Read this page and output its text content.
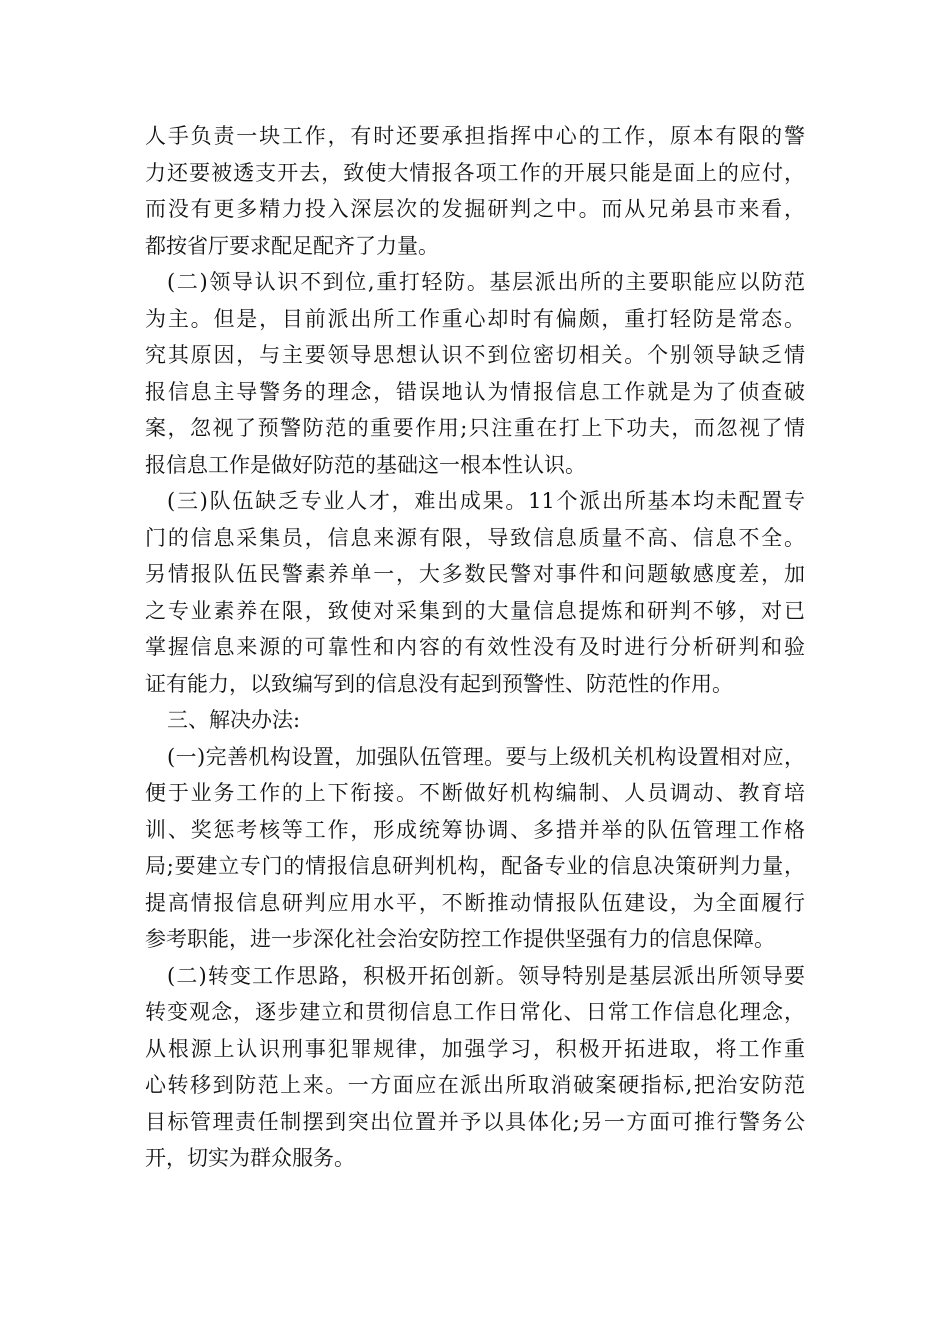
人手负责一块工作，有时还要承担指挥中心的工作，原本有限的警
力还要被透支开去，致使大情报各项工作的开展只能是面上的应付，
而没有更多精力投入深层次的发掘研判之中。而从兄弟县市来看，
都按省厅要求配足配齐了力量。
(二)领导认识不到位,重打轻防。基层派出所的主要职能应以防范
为主。但是，目前派出所工作重心却时有偏颇，重打轻防是常态。
究其原因，与主要领导思想认识不到位密切相关。个别领导缺乏情
报信息主导警务的理念，错误地认为情报信息工作就是为了侦查破
案，忽视了预警防范的重要作用;只注重在打上下功夫，而忽视了情
报信息工作是做好防范的基础这一根本性认识。
(三)队伍缺乏专业人才，难出成果。11个派出所基本均未配置专
门的信息采集员，信息来源有限，导致信息质量不高、信息不全。
另情报队伍民警素养单一，大多数民警对事件和问题敏感度差，加
之专业素养在限，致使对采集到的大量信息提炼和研判不够，对已
掌握信息来源的可靠性和内容的有效性没有及时进行分析研判和验
证有能力，以致编写到的信息没有起到预警性、防范性的作用。
三、解决办法:
(一)完善机构设置，加强队伍管理。要与上级机关机构设置相对应，
便于业务工作的上下衔接。不断做好机构编制、人员调动、教育培
训、奖惩考核等工作，形成统筹协调、多措并举的队伍管理工作格
局;要建立专门的情报信息研判机构，配备专业的信息决策研判力量，
提高情报信息研判应用水平，不断推动情报队伍建设，为全面履行
参考职能，进一步深化社会治安防控工作提供坚强有力的信息保障。
(二)转变工作思路，积极开拓创新。领导特别是基层派出所领导要
转变观念，逐步建立和贯彻信息工作日常化、日常工作信息化理念，
从根源上认识刑事犯罪规律，加强学习，积极开拓进取，将工作重
心转移到防范上来。一方面应在派出所取消破案硬指标,把治安防范
目标管理责任制摆到突出位置并予以具体化;另一方面可推行警务公
开，切实为群众服务。
